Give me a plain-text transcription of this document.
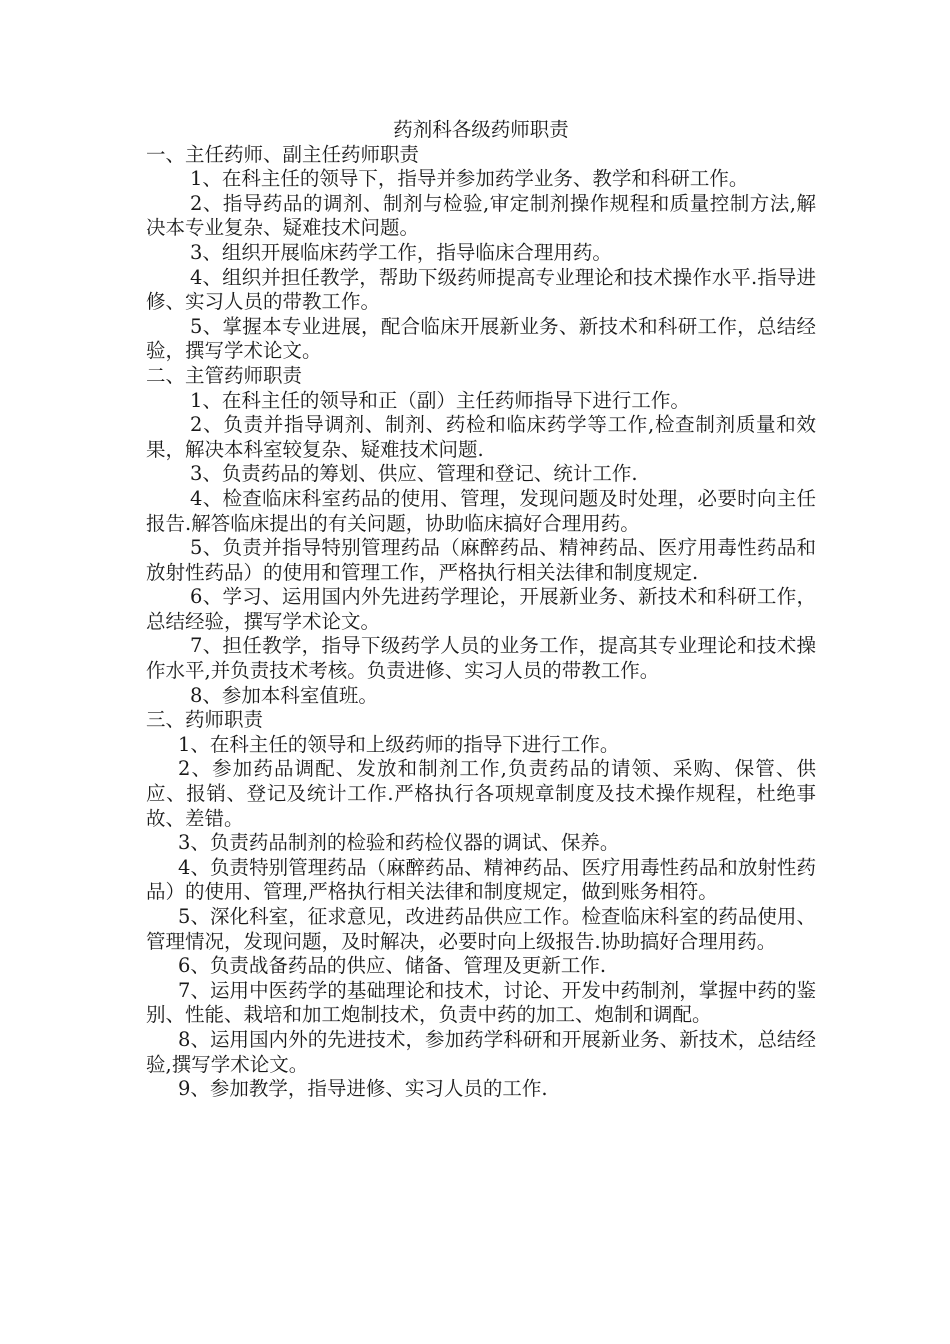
药剂科各级药师职责

一、主任药师、副主任药师职责

1、在科主任的领导下，指导并参加药学业务、教学和科研工作。

2、指导药品的调剂、制剂与检验,审定制剂操作规程和质量控制方法,解决本专业复杂、疑难技术问题。

3、组织开展临床药学工作，指导临床合理用药。

4、组织并担任教学，帮助下级药师提高专业理论和技术操作水平.指导进修、实习人员的带教工作。

5、掌握本专业进展，配合临床开展新业务、新技术和科研工作，总结经验，撰写学术论文。

二、主管药师职责

1、在科主任的领导和正（副）主任药师指导下进行工作。

2、负责并指导调剂、制剂、药检和临床药学等工作,检查制剂质量和效果，解决本科室较复杂、疑难技术问题.

3、负责药品的筹划、供应、管理和登记、统计工作.

4、检查临床科室药品的使用、管理，发现问题及时处理，必要时向主任报告.解答临床提出的有关问题，协助临床搞好合理用药。

5、负责并指导特别管理药品（麻醉药品、精神药品、医疗用毒性药品和放射性药品）的使用和管理工作，严格执行相关法律和制度规定.

6、学习、运用国内外先进药学理论，开展新业务、新技术和科研工作，总结经验，撰写学术论文。

7、担任教学，指导下级药学人员的业务工作，提高其专业理论和技术操作水平,并负责技术考核。负责进修、实习人员的带教工作。

8、参加本科室值班。

三、药师职责

1、在科主任的领导和上级药师的指导下进行工作。

2、参加药品调配、发放和制剂工作,负责药品的请领、采购、保管、供应、报销、登记及统计工作.严格执行各项规章制度及技术操作规程，杜绝事故、差错。

3、负责药品制剂的检验和药检仪器的调试、保养。

4、负责特别管理药品（麻醉药品、精神药品、医疗用毒性药品和放射性药品）的使用、管理,严格执行相关法律和制度规定，做到账务相符。

5、深化科室，征求意见，改进药品供应工作。检查临床科室的药品使用、管理情况，发现问题，及时解决，必要时向上级报告.协助搞好合理用药。

6、负责战备药品的供应、储备、管理及更新工作.

7、运用中医药学的基础理论和技术，讨论、开发中药制剂，掌握中药的鉴别、性能、栽培和加工炮制技术，负责中药的加工、炮制和调配。

8、运用国内外的先进技术，参加药学科研和开展新业务、新技术，总结经验,撰写学术论文。

9、参加教学，指导进修、实习人员的工作.
